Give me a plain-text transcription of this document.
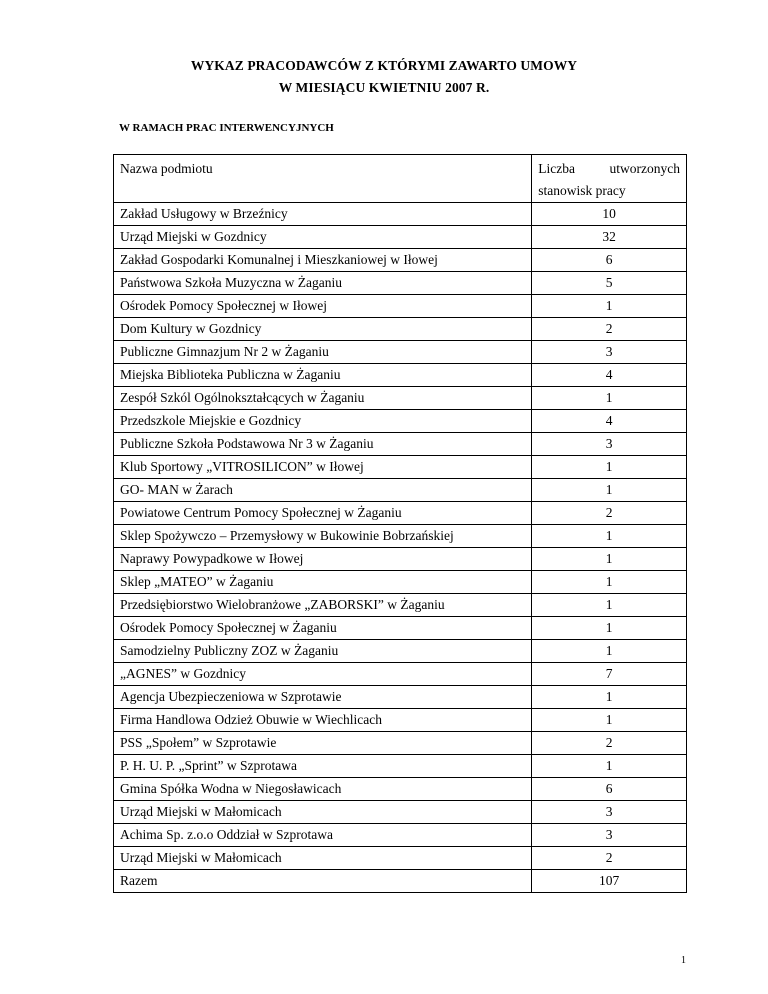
WYKAZ PRACODAWCÓW Z KTÓRYMI ZAWARTO UMOWY
W MIESIĄCU KWIETNIU 2007 R.
W RAMACH PRAC INTERWENCYJNYCH
Nazwa podmiotu	Liczba utworzonych
stanowisk pracy

Zakład Usługowy w Brzeźnicy	10
Urząd Miejski w Gozdnicy	32
Zakład Gospodarki Komunalnej i Mieszkaniowej w Iłowej	6
Państwowa Szkoła Muzyczna w Żaganiu	5
Ośrodek Pomocy Społecznej w Iłowej	1
Dom Kultury w Gozdnicy	2
Publiczne Gimnazjum Nr 2 w Żaganiu	3
Miejska Biblioteka Publiczna w Żaganiu	4
Zespół Szkól Ogólnokształcących w Żaganiu	1
Przedszkole Miejskie e Gozdnicy	4
Publiczne Szkoła Podstawowa Nr 3 w Żaganiu	3
Klub Sportowy „VITROSILICON” w Iłowej	1
GO- MAN w Żarach	1
Powiatowe Centrum Pomocy Społecznej w Żaganiu	2
Sklep Spożywczo – Przemysłowy w Bukowinie Bobrzańskiej	1
Naprawy Powypadkowe w Iłowej	1
Sklep „MATEO” w Żaganiu	1
Przedsiębiorstwo Wielobranżowe „ZABORSKI” w Żaganiu	1
Ośrodek Pomocy Społecznej w Żaganiu	1
Samodzielny Publiczny ZOZ w Żaganiu	1
„AGNES” w Gozdnicy	7
Agencja Ubezpieczeniowa w Szprotawie	1
Firma Handlowa Odzież Obuwie w Wiechlicach	1
PSS „Społem” w Szprotawie	2
P. H. U. P. „Sprint” w Szprotawa	1
Gmina Spółka Wodna w Niegosławicach	6
Urząd Miejski w Małomicach	3
Achima Sp. z.o.o Oddział w Szprotawa	3
Urząd Miejski w Małomicach	2
Razem	107
1
